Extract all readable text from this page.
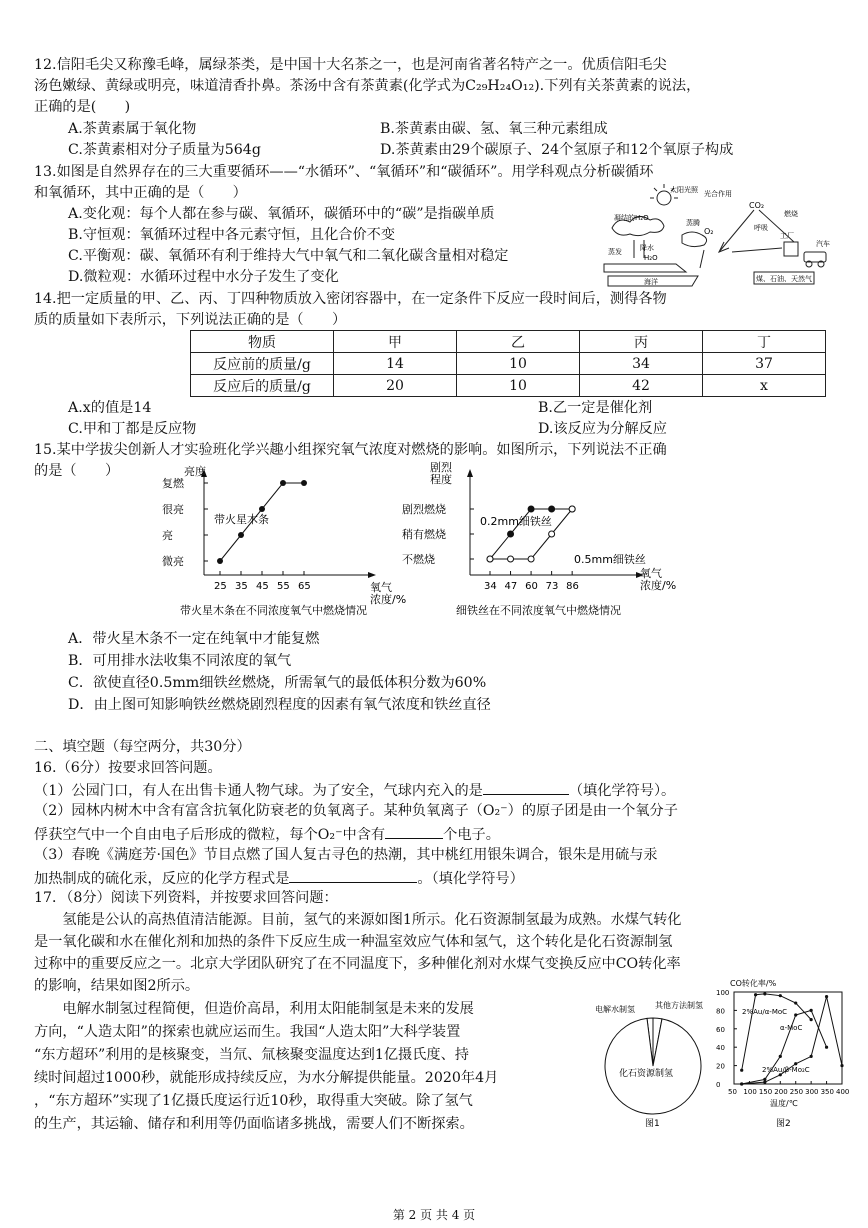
12.信阳毛尖又称豫毛峰，属绿茶类，是中国十大名茶之一，也是河南省著名特产之一。优质信阳毛尖
汤色嫩绿、黄绿或明亮，味道清香扑鼻。茶汤中含有茶黄素(化学式为C₂₉H₂₄O₁₂).下列有关茶黄素的说法，
正确的是(　　)
A.茶黄素属于氧化物	B.茶黄素由碳、氢、氧三种元素组成
C.茶黄素相对分子质量为564g	D.茶黄素由29个碳原子、24个氢原子和12个氧原子构成
13.如图是自然界存在的三大重要循环——“水循环”、“氧循环”和“碳循环”。用学科观点分析碳循环
和氧循环，其中正确的是（　　）
A.变化观：每个人都在参与碳、氧循环，碳循环中的“碳”是指碳单质
B.守恒观：氧循环过程中各元素守恒，且化合价不变
C.平衡观：碳、氧循环有利于维持大气中氧气和二氧化碳含量相对稳定
D.微粒观：水循环过程中水分子发生了变化
太阳光照 光合作用
CO₂
呼吸
燃烧
O₂
凝结的H₂O
降水
H₂O
蒸腾
蒸发
海洋
工厂
汽车
煤、石油、天然气
14.把一定质量的甲、乙、丙、丁四种物质放入密闭容器中，在一定条件下反应一段时间后，测得各物
质的质量如下表所示，下列说法正确的是（　　）
物质	甲	乙	丙	丁
反应前的质量/g	14	10	34	37
反应后的质量/g	20	10	42	x
A.x的值是14	B.乙一定是催化剂
C.甲和丁都是反应物	D.该反应为分解反应
15.某中学拔尖创新人才实验班化学兴趣小组探究氧气浓度对燃烧的影响。如图所示，下列说法不正确
的是（　　）	亮度
氧气浓度/%
微亮
亮
很亮
复燃
25 35 45 55 65
带火星木条
带火星木条在不同浓度氧气中燃烧情况
剧烈程度
氧气浓度/%
不燃烧
稍有燃烧
剧烈燃烧
34 47 60 73 86
0.2mm细铁丝
0.5mm细铁丝
细铁丝在不同浓度氧气中燃烧情况
A．带火星木条不一定在纯氧中才能复燃
B．可用排水法收集不同浓度的氧气
C．欲使直径0.5mm细铁丝燃烧，所需氧气的最低体积分数为60%
D．由上图可知影响铁丝燃烧剧烈程度的因素有氧气浓度和铁丝直径
二、填空题（每空两分，共30分）
16.（6分）按要求回答问题。
（1）公园门口，有人在出售卡通人物气球。为了安全，气球内充入的是	（填化学符号）。
（2）园林内树木中含有富含抗氧化防衰老的负氧离子。某种负氧离子（O₂⁻）的原子团是由一个氧分子
俘获空气中一个自由电子后形成的微粒，每个O₂⁻中含有	个电子。
（3）春晚《满庭芳·国色》节目点燃了国人复古寻色的热潮，其中桃红用银朱调合，银朱是用硫与汞
加热制成的硫化汞，反应的化学方程式是	。（填化学符号）
17．（8分）阅读下列资料，并按要求回答问题：
　　氢能是公认的高热值清洁能源。目前，氢气的来源如图1所示。化石资源制氢最为成熟。水煤气转化
是一氧化碳和水在催化剂和加热的条件下反应生成一种温室效应气体和氢气，这个转化是化石资源制氢
过称中的重要反应之一。北京大学团队研究了在不同温度下，多种催化剂对水煤气变换反应中CO转化率
的影响，结果如图2所示。
　　电解水制氢过程简便，但造价高昂，利用太阳能制氢是未来的发展
方向，“人造太阳”的探索也就应运而生。我国“人造太阳”大科学装置
“东方超环”利用的是核聚变，当氘、氚核聚变温度达到1亿摄氏度、持
续时间超过1000秒，就能形成持续反应，为水分解提供能量。2020年4月
，“东方超环”实现了1亿摄氏度运行近10秒，取得重大突破。除了氢气
的生产，其运输、储存和利用等仍面临诸多挑战，需要人们不断探索。
电解水制氢	其他方法制氢
化石资源制氢
图1
CO转化率/%
0
20
40
60
80
100
50 100 150 200 250 300 350 400
2%Au/α-MoC
α-MoC
2%Au/β-Mo₂C
温度/℃
图2
第 2 页 共 4 页
